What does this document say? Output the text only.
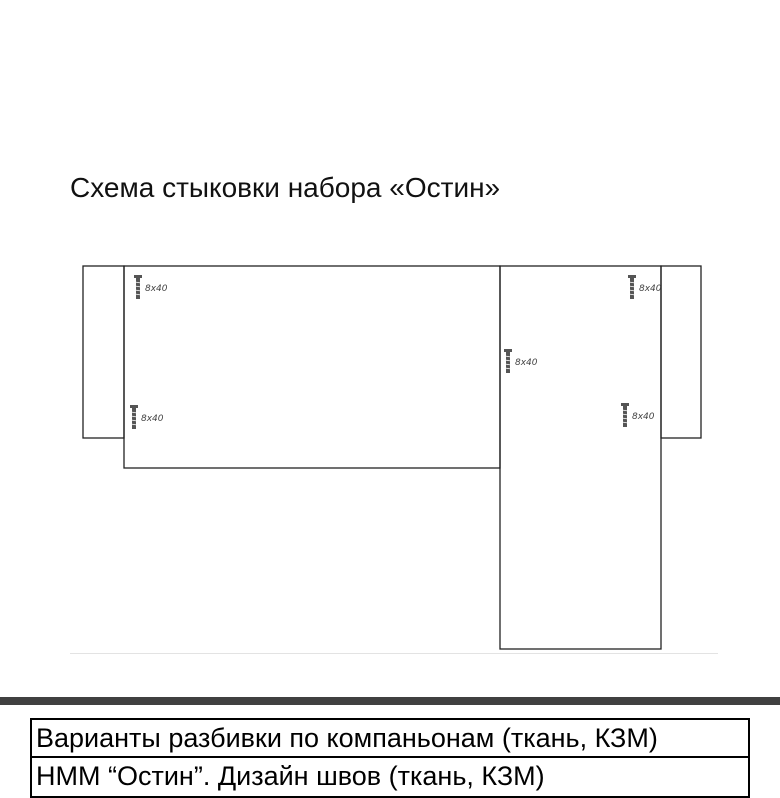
Схема стыковки набора «Остин»
8х40
8х40
8х40
8х40
8х40
Варианты разбивки по компаньонам (ткань, КЗМ)
НММ “Остин”. Дизайн швов (ткань, КЗМ)
